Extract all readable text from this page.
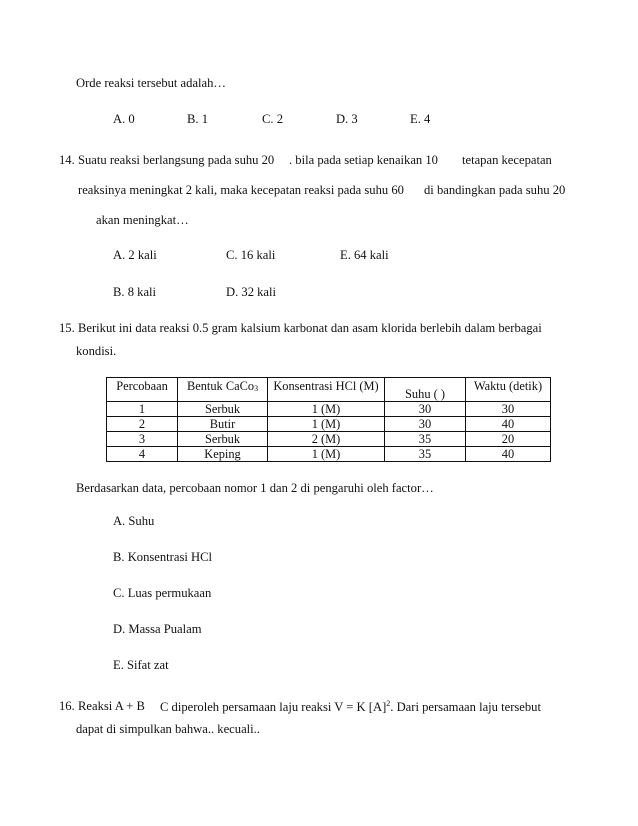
Orde reaksi tersebut adalah…
A. 0	B. 1	C. 2	D. 3	E. 4
14. Suatu reaksi berlangsung pada suhu 20 . bila pada setiap kenaikan 10 tetapan kecepatan
reaksinya meningkat 2 kali, maka kecepatan reaksi pada suhu 60 di bandingkan pada suhu 20
akan meningkat…
A. 2 kali	C. 16 kali	E. 64 kali
B. 8 kali	D. 32 kali
15. Berikut ini data reaksi 0.5 gram kalsium karbonat dan asam klorida berlebih dalam berbagai
kondisi.
Percobaan	Bentuk CaCo$_3$	Konsentrasi HCl (M)	Suhu ( )	Waktu (detik)
1	Serbuk	1 (M)	30	30
2	Butir	1 (M)	30	40
3	Serbuk	2 (M)	35	20
4	Keping	1 (M)	35	40
Berdasarkan data, percobaan nomor 1 dan 2 di pengaruhi oleh factor…
A. Suhu
B. Konsentrasi HCl
C. Luas permukaan
D. Massa Pualam
E. Sifat zat
16. Reaksi A + B C diperoleh persamaan laju reaksi V = K $[A]^2$. Dari persamaan laju tersebut
dapat di simpulkan bahwa.. kecuali..
